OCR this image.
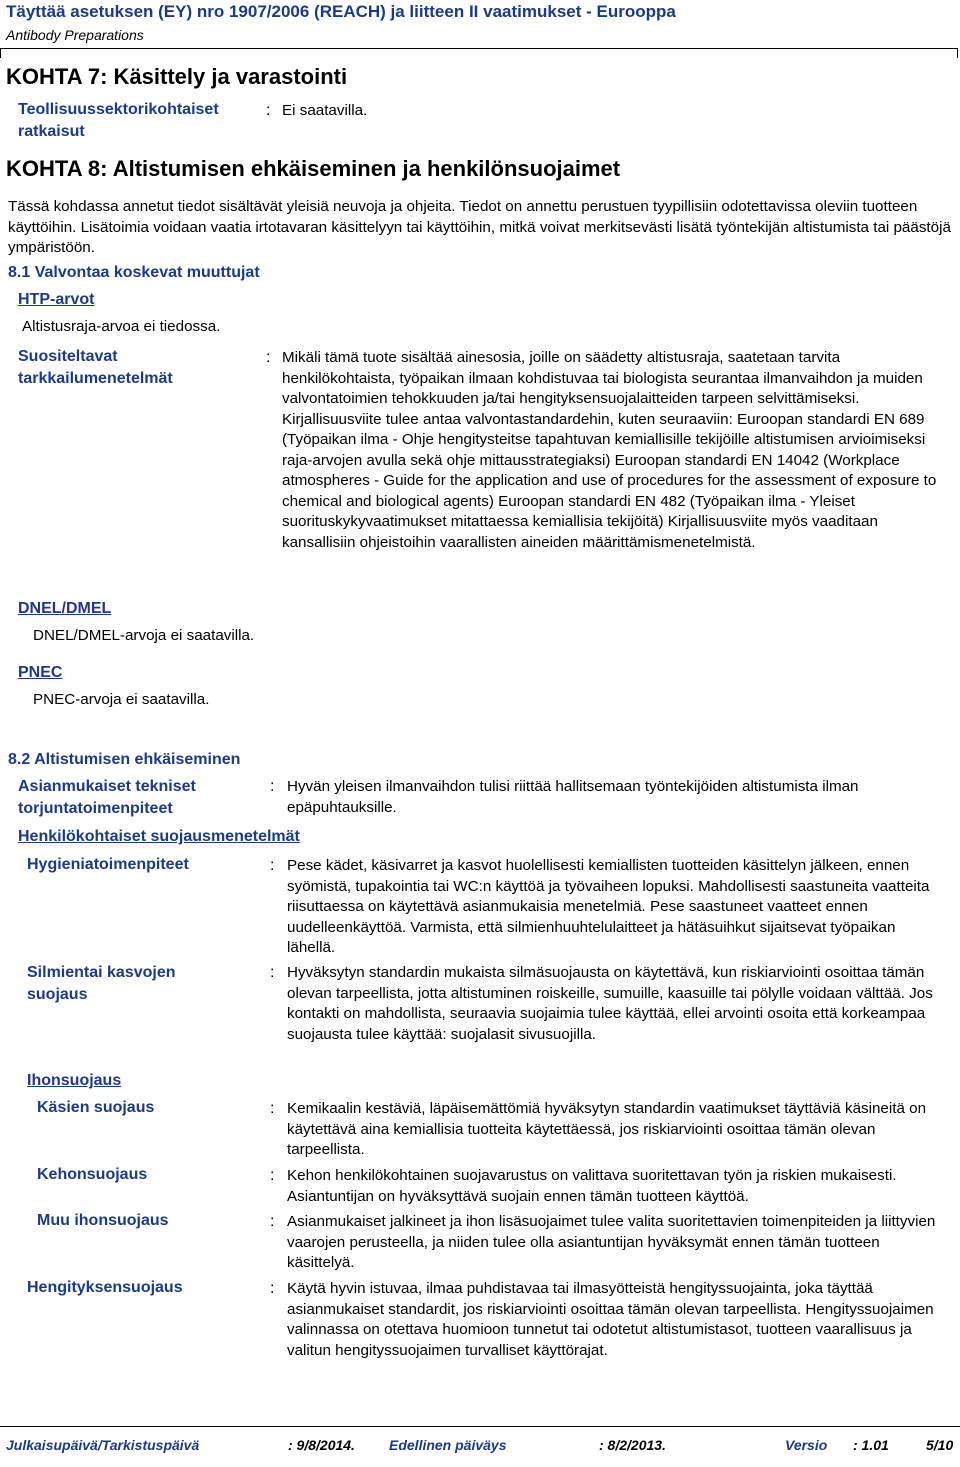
Täyttää asetuksen (EY) nro 1907/2006 (REACH) ja liitteen II vaatimukset - Eurooppa
Antibody Preparations
KOHTA 7: Käsittely ja varastointi
Teollisuussektorikohtaiset
ratkaisut
: Ei saatavilla.
KOHTA 8: Altistumisen ehkäiseminen ja henkilönsuojaimet
Tässä kohdassa annetut tiedot sisältävät yleisiä neuvoja ja ohjeita. Tiedot on annettu perustuen tyypillisiin odotettavissa oleviin tuotteen käyttöihin. Lisätoimia voidaan vaatia irtotavaran käsittelyyn tai käyttöihin, mitkä voivat merkitsevästi lisätä työntekijän altistumista tai päästöjä ympäristöön.
8.1 Valvontaa koskevat muuttujat
HTP-arvot
Altistusraja-arvoa ei tiedossa.
Suositeltavat
tarkkailumenetelmät
: Mikäli tämä tuote sisältää ainesosia, joille on säädetty altistusraja, saatetaan tarvita henkilökohtaista, työpaikan ilmaan kohdistuvaa tai biologista seurantaa ilmanvaihdon ja muiden valvontatoimien tehokkuuden ja/tai hengityksensuojalaitteiden tarpeen selvittämiseksi. Kirjallisuusviite tulee antaa valvontastandardehin, kuten seuraaviin: Euroopan standardi EN 689 (Työpaikan ilma - Ohje hengitysteitse tapahtuvan kemiallisille tekijöille altistumisen arvioimiseksi raja-arvojen avulla sekä ohje mittausstrategiaksi) Euroopan standardi EN 14042 (Workplace atmospheres - Guide for the application and use of procedures for the assessment of exposure to chemical and biological agents) Euroopan standardi EN 482 (Työpaikan ilma - Yleiset suorituskykyvaatimukset mitattaessa kemiallisia tekijöitä) Kirjallisuusviite myös vaaditaan kansallisiin ohjeistoihin vaarallisten aineiden määrittämismenetelmistä.
DNEL/DMEL
DNEL/DMEL-arvoja ei saatavilla.
PNEC
PNEC-arvoja ei saatavilla.
8.2 Altistumisen ehkäiseminen
Asianmukaiset tekniset
torjuntatoimenpiteet
: Hyvän yleisen ilmanvaihdon tulisi riittää hallitsemaan työntekijöiden altistumista ilman epäpuhtauksille.
Henkilökohtaiset suojausmenetelmät
Hygieniatoimenpiteet	: Pese kädet, käsivarret ja kasvot huolellisesti kemiallisten tuotteiden käsittelyn jälkeen, ennen syömistä, tupakointia tai WC:n käyttöä ja työvaiheen lopuksi. Mahdollisesti saastuneita vaatteita riisuttaessa on käytettävä asianmukaisia menetelmiä. Pese saastuneet vaatteet ennen uudelleenkäyttöä. Varmista, että silmienhuuhtelulaitteet ja hätäsuihkut sijaitsevat työpaikan lähellä.
Silmientai kasvojen
suojaus
: Hyväksytyn standardin mukaista silmäsuojausta on käytettävä, kun riskiarviointi osoittaa tämän olevan tarpeellista, jotta altistuminen roiskeille, sumuille, kaasuille tai pölylle voidaan välttää. Jos kontakti on mahdollista, seuraavia suojaimia tulee käyttää, ellei arvointi osoita että korkeampaa suojausta tulee käyttää: suojalasit sivusuojilla.
Ihonsuojaus
Käsien suojaus	: Kemikaalin kestäviä, läpäisemättömiä hyväksytyn standardin vaatimukset täyttäviä käsineitä on käytettävä aina kemiallisia tuotteita käytettäessä, jos riskiarviointi osoittaa tämän olevan tarpeellista.
Kehonsuojaus	: Kehon henkilökohtainen suojavarustus on valittava suoritettavan työn ja riskien mukaisesti. Asiantuntijan on hyväksyttävä suojain ennen tämän tuotteen käyttöä.
Muu ihonsuojaus	: Asianmukaiset jalkineet ja ihon lisäsuojaimet tulee valita suoritettavien toimenpiteiden ja liittyvien vaarojen perusteella, ja niiden tulee olla asiantuntijan hyväksymät ennen tämän tuotteen käsittelyä.
Hengityksensuojaus	: Käytä hyvin istuvaa, ilmaa puhdistavaa tai ilmasyötteistä hengityssuojainta, joka täyttää asianmukaiset standardit, jos riskiarviointi osoittaa tämän olevan tarpeellista. Hengityssuojaimen valinnassa on otettava huomioon tunnetut tai odotetut altistumistasot, tuotteen vaarallisuus ja valitun hengityssuojaimen turvalliset käyttörajat.
Julkaisupäivä/Tarkistuspäivä	: 9/8/2014. Edellinen päiväys	: 8/2/2013.	Versio : 1.01	5/10
